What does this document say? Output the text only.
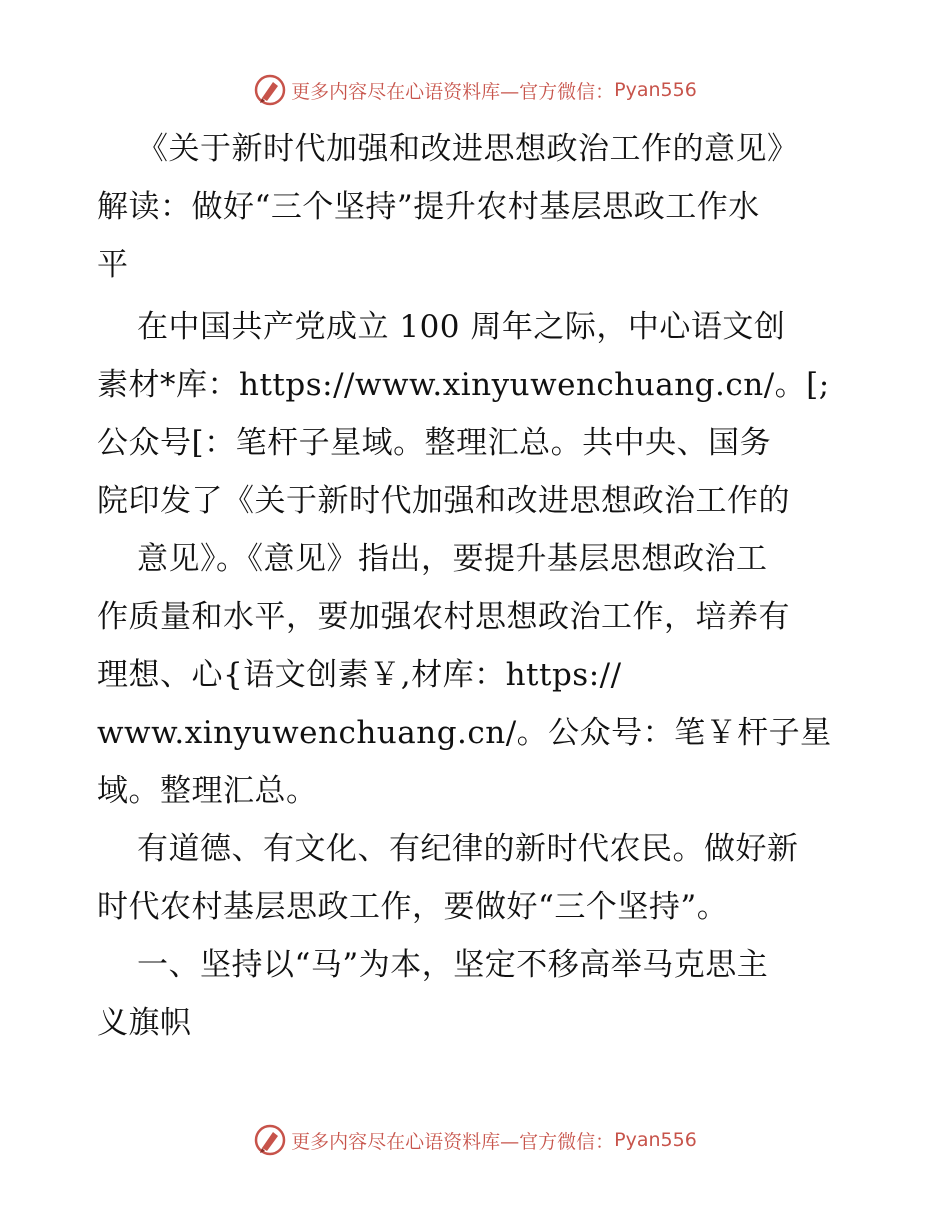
更多内容尽在心语资料库—官方微信： Pyan556
《关于新时代加强和改进思想政治工作的意见》
解读：做好“三个坚持”提升农村基层思政工作水
平
在中国共产党成立 100 周年之际，中心语文创
素材*库：https://www.xinyuwenchuang.cn/。[;
公众号[：笔杆子星域。整理汇总。共中央、国务
院印发了《关于新时代加强和改进思想政治工作的
意见》。《意见》指出，要提升基层思想政治工
作质量和水平，要加强农村思想政治工作，培养有
理想、心{语文创素￥,材库：https://
www.xinyuwenchuang.cn/。公众号：笔￥杆子星
域。整理汇总。
有道德、有文化、有纪律的新时代农民。做好新
时代农村基层思政工作，要做好“三个坚持”。
一、坚持以“马”为本，坚定不移高举马克思主
义旗帜
更多内容尽在心语资料库—官方微信： Pyan556
